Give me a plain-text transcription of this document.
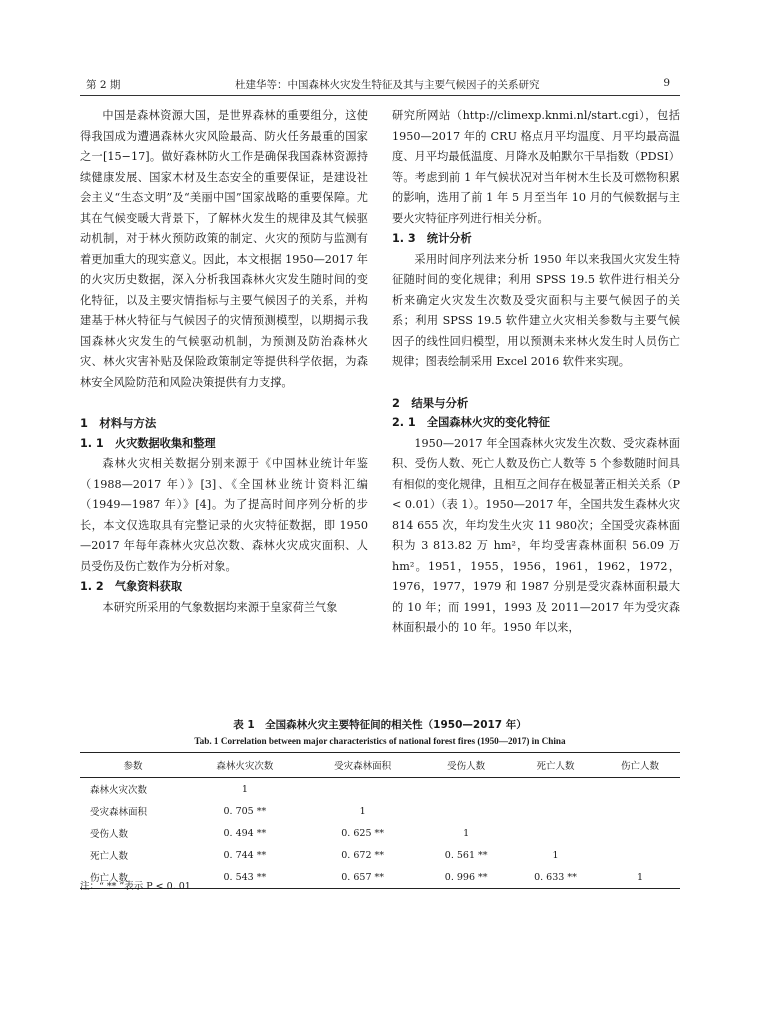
第 2 期	杜建华等：中国森林火灾发生特征及其与主要气候因子的关系研究	9

中国是森林资源大国，是世界森林的重要组分，这使得我国成为遭遇森林火灾风险最高、防火任务最重的国家之一[15−17]。做好森林防火工作是确保我国森林资源持续健康发展、国家木材及生态安全的重要保证，是建设社会主义“生态文明”及“美丽中国”国家战略的重要保障。尤其在气候变暖大背景下，了解林火发生的规律及其气候驱动机制，对于林火预防政策的制定、火灾的预防与监测有着更加重大的现实意义。因此，本文根据 1950—2017 年的火灾历史数据，深入分析我国森林火灾发生随时间的变化特征，以及主要灾情指标与主要气候因子的关系，并构建基于林火特征与气候因子的灾情预测模型，以期揭示我国森林火灾发生的气候驱动机制，为预测及防治森林火灾、林火灾害补贴及保险政策制定等提供科学依据，为森林安全风险防范和风险决策提供有力支撑。

1　材料与方法
1. 1　火灾数据收集和整理

森林火灾相关数据分别来源于《中国林业统计年鉴（1988—2017 年）》[3]、《全国林业统计资料汇编（1949—1987 年）》[4]。为了提高时间序列分析的步长，本文仅选取具有完整记录的火灾特征数据，即 1950—2017 年每年森林火灾总次数、森林火灾成灾面积、人员受伤及伤亡数作为分析对象。

1. 2　气象资料获取

本研究所采用的气象数据均来源于皇家荷兰气象

研究所网站（http://climexp.knmi.nl/start.cgi），包括 1950—2017 年的 CRU 格点月平均温度、月平均最高温度、月平均最低温度、月降水及帕默尔干旱指数（PDSI）等。考虑到前 1 年气候状况对当年树木生长及可燃物积累的影响，选用了前 1 年 5 月至当年 10 月的气候数据与主要火灾特征序列进行相关分析。

1. 3　统计分析

采用时间序列法来分析 1950 年以来我国火灾发生特征随时间的变化规律；利用 SPSS 19.5 软件进行相关分析来确定火灾发生次数及受灾面积与主要气候因子的关系；利用 SPSS 19.5 软件建立火灾相关参数与主要气候因子的线性回归模型，用以预测未来林火发生时人员伤亡规律；图表绘制采用 Excel 2016 软件来实现。

2　结果与分析
2. 1　全国森林火灾的变化特征

1950—2017 年全国森林火灾发生次数、受灾森林面积、受伤人数、死亡人数及伤亡人数等 5 个参数随时间具有相似的变化规律，且相互之间存在极显著正相关关系（P < 0.01）（表 1）。1950—2017 年，全国共发生森林火灾 814 655 次，年均发生火灾 11 980次；全国受灾森林面积为 3 813.82 万 hm²，年均受害森林面积 56.09 万 hm²。1951，1955，1956，1961，1962，1972，1976，1977，1979 和 1987 分别是受灾森林面积最大的 10 年；而 1991，1993 及 2011—2017 年为受灾森林面积最小的 10 年。1950 年以来，

表 1　全国森林火灾主要特征间的相关性（1950—2017 年）
Tab. 1 Correlation between major characteristics of national forest fires (1950—2017) in China
参数	森林火灾次数	受灾森林面积	受伤人数	死亡人数	伤亡人数
森林火灾次数	1				
受灾森林面积	0. 705 **	1			
受伤人数	0. 494 **	0. 625 **	1		
死亡人数	0. 744 **	0. 672 **	0. 561 **	1	
伤亡人数	0. 543 **	0. 657 **	0. 996 **	0. 633 **	1
注：“ ** ”表示 P < 0. 01
